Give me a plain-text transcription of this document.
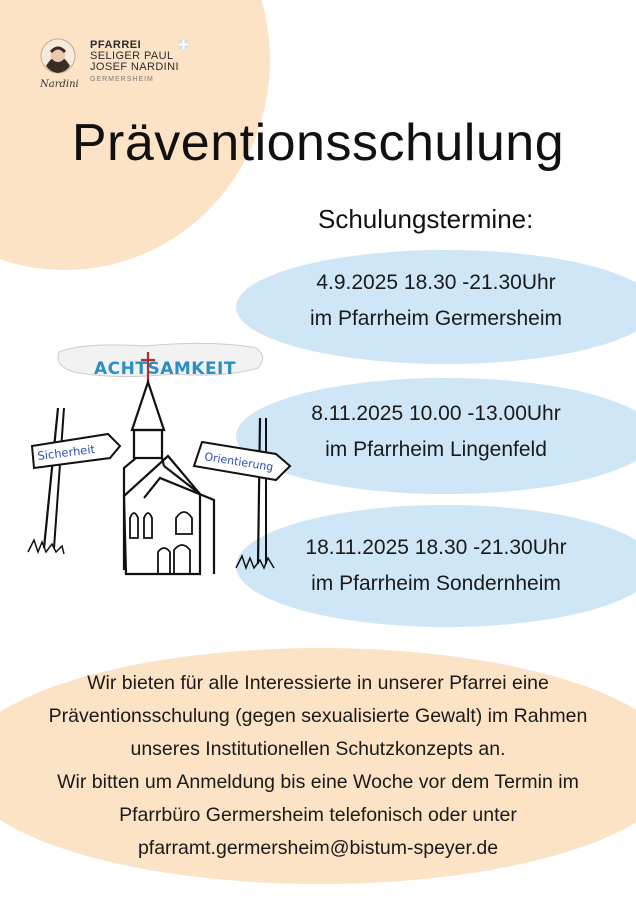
Nardini
PFARREI
SELIGER PAUL
JOSEF NARDINI
GERMERSHEIM
Präventionsschulung
Schulungstermine:
4.9.2025 18.30 -21.30Uhr
im Pfarrheim Germersheim
8.11.2025 10.00 -13.00Uhr
im Pfarrheim Lingenfeld
18.11.2025 18.30 -21.30Uhr
im Pfarrheim Sondernheim
ACHTSAMKEIT
Sicherheit	Orientierung
Wir bieten für alle Interessierte in unserer Pfarrei eine
Präventionsschulung (gegen sexualisierte Gewalt) im Rahmen
unseres Institutionellen Schutzkonzepts an.
Wir bitten um Anmeldung bis eine Woche vor dem Termin im
Pfarrbüro Germersheim telefonisch oder unter
pfarramt.germersheim@bistum-speyer.de
